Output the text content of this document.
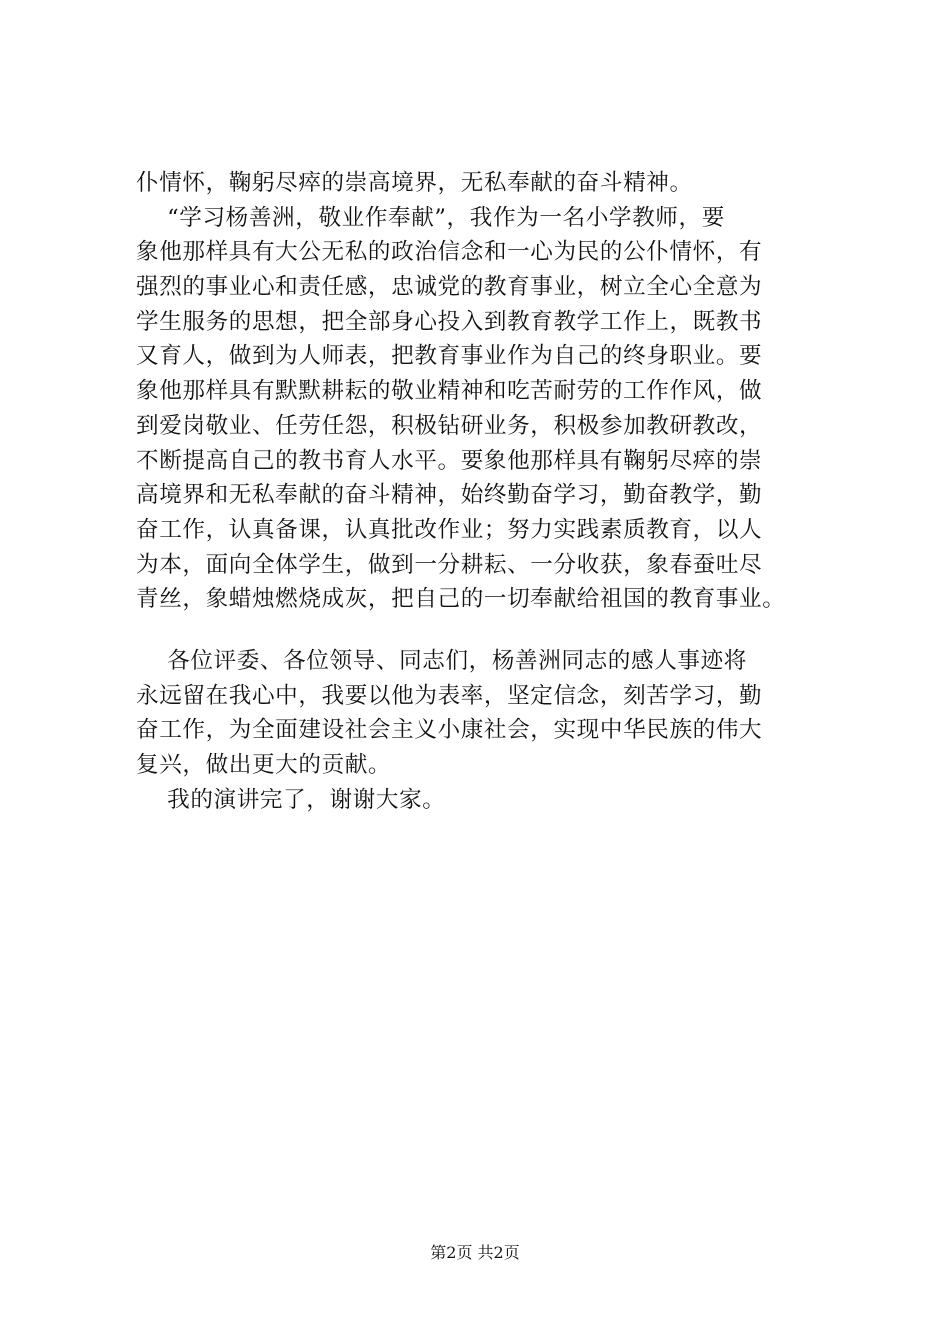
仆情怀，鞠躬尽瘁的崇高境界，无私奉献的奋斗精神。
“学习杨善洲，敬业作奉献”，我作为一名小学教师，要
象他那样具有大公无私的政治信念和一心为民的公仆情怀，有
强烈的事业心和责任感，忠诚党的教育事业，树立全心全意为
学生服务的思想，把全部身心投入到教育教学工作上，既教书
又育人，做到为人师表，把教育事业作为自己的终身职业。要
象他那样具有默默耕耘的敬业精神和吃苦耐劳的工作作风，做
到爱岗敬业、任劳任怨，积极钻研业务，积极参加教研教改，
不断提高自己的教书育人水平。要象他那样具有鞠躬尽瘁的崇
高境界和无私奉献的奋斗精神，始终勤奋学习，勤奋教学，勤
奋工作，认真备课，认真批改作业；努力实践素质教育，以人
为本，面向全体学生，做到一分耕耘、一分收获，象春蚕吐尽
青丝，象蜡烛燃烧成灰，把自己的一切奉献给祖国的教育事业。
各位评委、各位领导、同志们，杨善洲同志的感人事迹将
永远留在我心中，我要以他为表率，坚定信念，刻苦学习，勤
奋工作，为全面建设社会主义小康社会，实现中华民族的伟大
复兴，做出更大的贡献。
我的演讲完了，谢谢大家。
第2页 共2页
